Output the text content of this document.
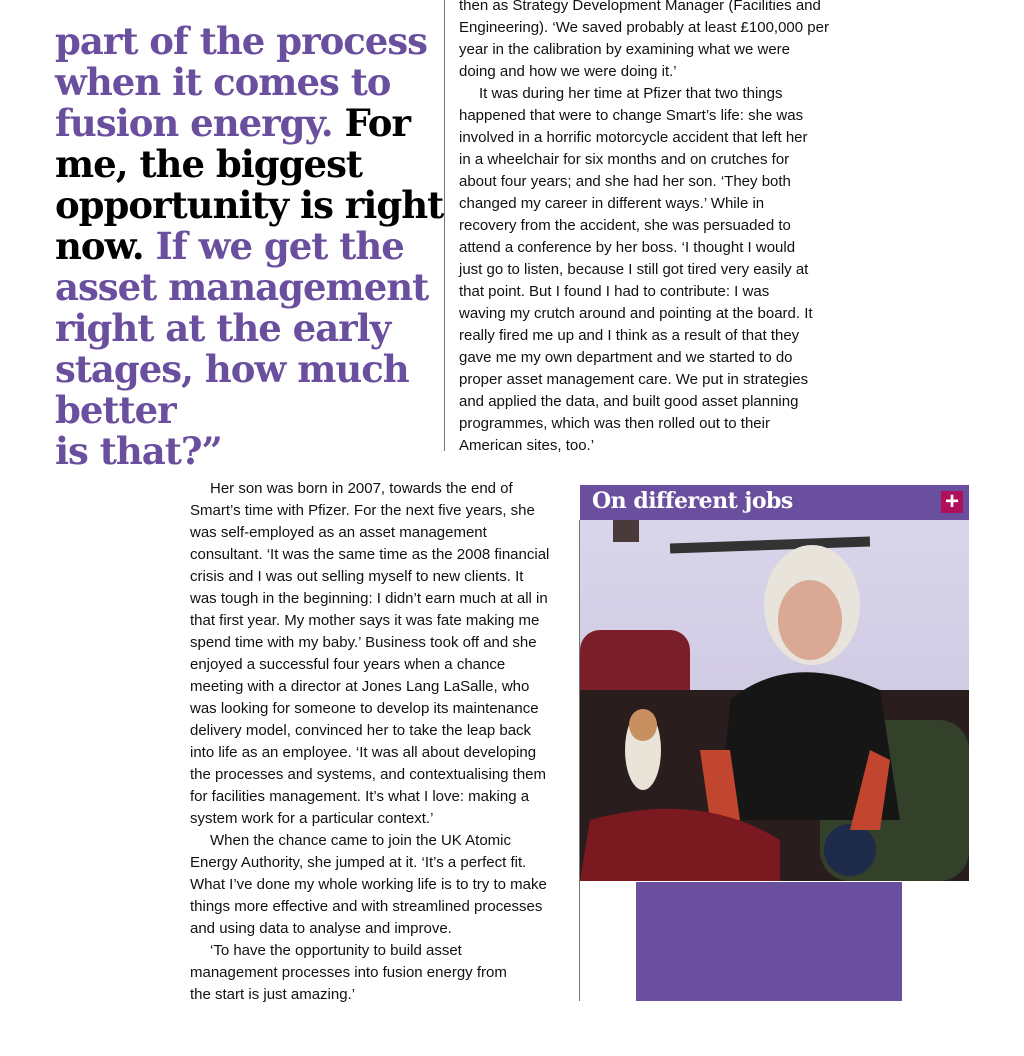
part of the process
when it comes to
fusion energy. For
me, the biggest
opportunity is right
now. If we get the
asset management
right at the early
stages, how much
better
is that?”
then as Strategy Development Manager (Facilities and
Engineering). ‘We saved probably at least £100,000 per
year in the calibration by examining what we were
doing and how we were doing it.’
It was during her time at Pfizer that two things
happened that were to change Smart’s life: she was
involved in a horrific motorcycle accident that left her
in a wheelchair for six months and on crutches for
about four years; and she had her son. ‘They both
changed my career in different ways.’ While in
recovery from the accident, she was persuaded to
attend a conference by her boss. ‘I thought I would
just go to listen, because I still got tired very easily at
that point. But I found I had to contribute: I was
waving my crutch around and pointing at the board. It
really fired me up and I think as a result of that they
gave me my own department and we started to do
proper asset management care. We put in strategies
and applied the data, and built good asset planning
programmes, which was then rolled out to their
American sites, too.’
Her son was born in 2007, towards the end of
Smart’s time with Pfizer. For the next five years, she
was self-employed as an asset management
consultant. ‘It was the same time as the 2008 financial
crisis and I was out selling myself to new clients. It
was tough in the beginning: I didn’t earn much at all in
that first year. My mother says it was fate making me
spend time with my baby.’ Business took off and she
enjoyed a successful four years when a chance
meeting with a director at Jones Lang LaSalle, who
was looking for someone to develop its maintenance
delivery model, convinced her to take the leap back
into life as an employee. ‘It was all about developing
the processes and systems, and contextualising them
for facilities management. It’s what I love: making a
system work for a particular context.’
When the chance came to join the UK Atomic
Energy Authority, she jumped at it. ‘It’s a perfect fit.
What I’ve done my whole working life is to try to make
things more effective and with streamlined processes
and using data to analyse and improve.
‘To have the opportunity to build asset
management processes into fusion energy from
the start is just amazing.’
On different jobs	+
